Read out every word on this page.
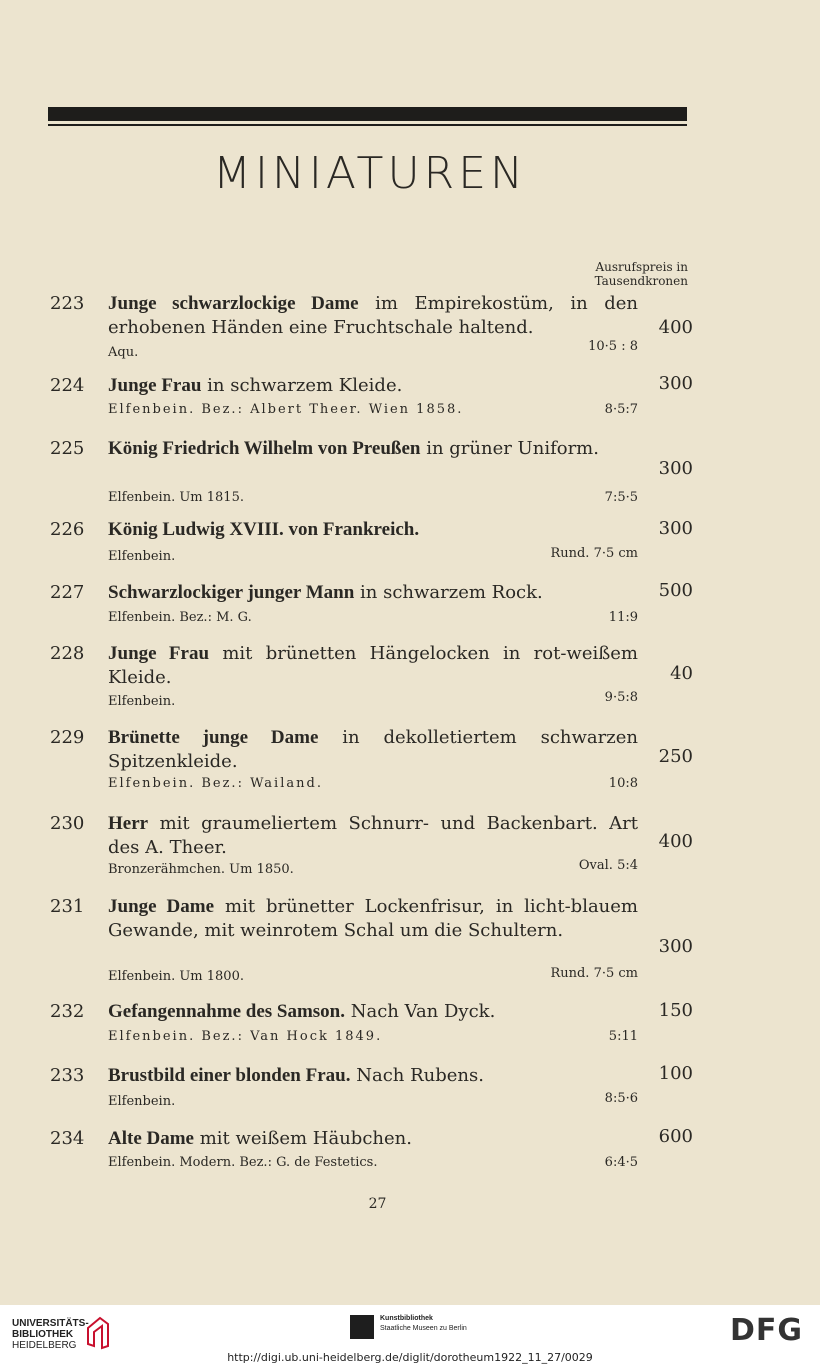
MINIATUREN
Ausrufspreis in
Tausendkronen
223 Junge schwarzlockige Dame im Empirekostüm, in den erhobenen Händen eine Fruchtschale haltend.
Aqu.	10·5 : 8
400
224 Junge Frau in schwarzem Kleide.
Elfenbein. Bez.: Albert Theer. Wien 1858.	8·5:7
300
225 König Friedrich Wilhelm von Preußen in grüner Uniform.
Elfenbein. Um 1815.	7:5·5
300
226 König Ludwig XVIII. von Frankreich.
Elfenbein.	Rund. 7·5 cm
300
227 Schwarzlockiger junger Mann in schwarzem Rock.
Elfenbein. Bez.: M. G.	11:9
500
228 Junge Frau mit brünetten Hängelocken in rot-weißem Kleide.
Elfenbein.	9·5:8
40
229 Brünette junge Dame in dekolletiertem schwarzen Spitzenkleide.
Elfenbein. Bez.: Wailand.	10:8
250
230 Herr mit graumeliertem Schnurr- und Backenbart. Art des A. Theer.
Bronzerähmchen. Um 1850.	Oval. 5:4
400
231 Junge Dame mit brünetter Lockenfrisur, in licht-blauem Gewande, mit weinrotem Schal um die Schultern.
Elfenbein. Um 1800.	Rund. 7·5 cm
300
232 Gefangennahme des Samson. Nach Van Dyck.
Elfenbein. Bez.: Van Hock 1849.	5:11
150
233 Brustbild einer blonden Frau. Nach Rubens.
Elfenbein.	8:5·6
100
234 Alte Dame mit weißem Häubchen.
Elfenbein. Modern. Bez.: G. de Festetics.	6:4·5
600
27
UNIVERSITÄTS-
BIBLIOTHEK
HEIDELBERG
Kunstbibliothek
Staatliche Museen zu Berlin	DFG
http://digi.ub.uni-heidelberg.de/diglit/dorotheum1922_11_27/0029
